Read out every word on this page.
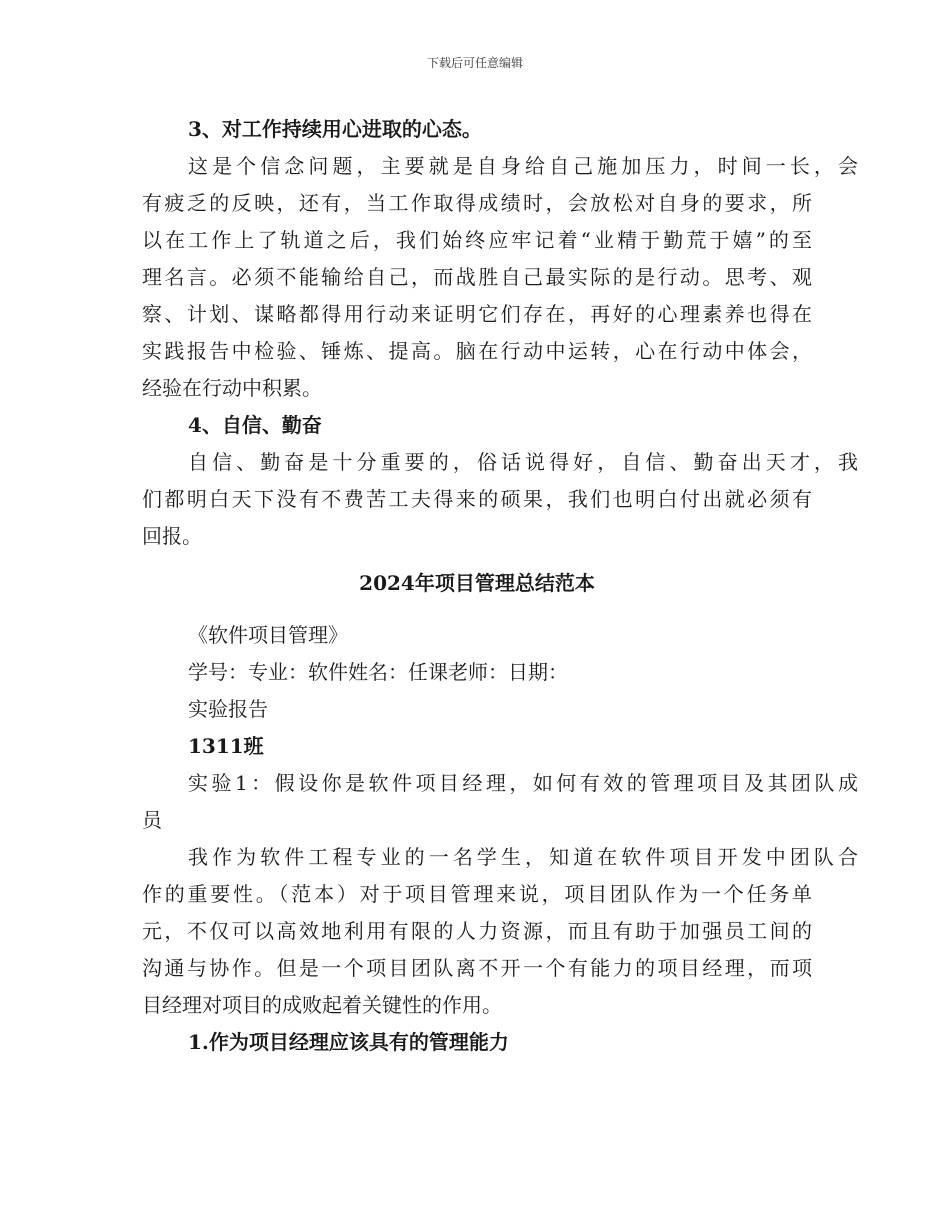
下载后可任意编辑
3、对工作持续用心进取的心态。
这是个信念问题，主要就是自身给自己施加压力，时间一长，会
有疲乏的反映，还有，当工作取得成绩时，会放松对自身的要求，所
以在工作上了轨道之后，我们始终应牢记着“业精于勤荒于嬉”的至
理名言。必须不能输给自己，而战胜自己最实际的是行动。思考、观
察、计划、谋略都得用行动来证明它们存在，再好的心理素养也得在
实践报告中检验、锤炼、提高。脑在行动中运转，心在行动中体会，
经验在行动中积累。
4、自信、勤奋
自信、勤奋是十分重要的，俗话说得好，自信、勤奋出天才，我
们都明白天下没有不费苦工夫得来的硕果，我们也明白付出就必须有
回报。
2024年项目管理总结范本
《软件项目管理》
学号：专业：软件姓名：任课老师：日期：
实验报告
1311班
实验1：假设你是软件项目经理，如何有效的管理项目及其团队成
员
我作为软件工程专业的一名学生，知道在软件项目开发中团队合
作的重要性。（范本）对于项目管理来说，项目团队作为一个任务单
元，不仅可以高效地利用有限的人力资源，而且有助于加强员工间的
沟通与协作。但是一个项目团队离不开一个有能力的项目经理，而项
目经理对项目的成败起着关键性的作用。
1.作为项目经理应该具有的管理能力
